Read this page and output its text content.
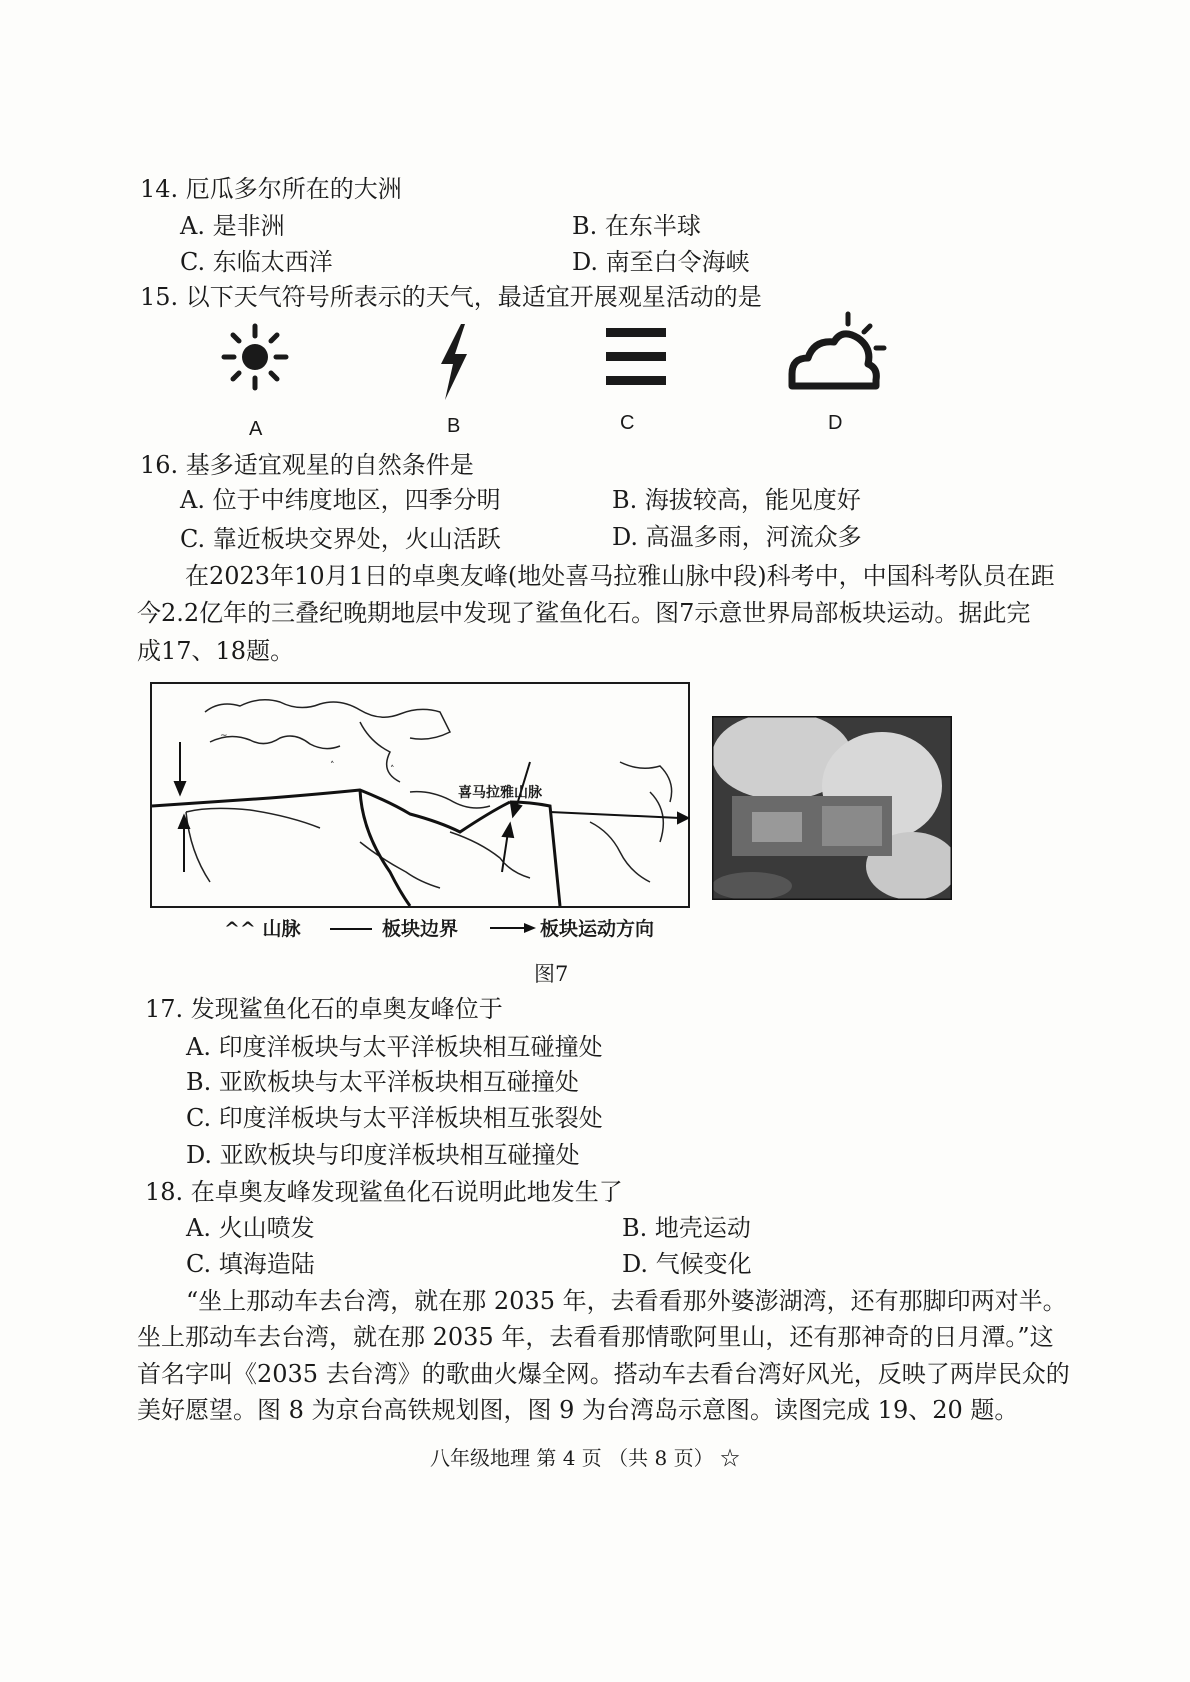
14. 厄瓜多尔所在的大洲
A. 是非洲	B. 在东半球
C. 东临太西洋	D. 南至白令海峡
15. 以下天气符号所表示的天气，最适宜开展观星活动的是
A	B	C	D
16. 基多适宜观星的自然条件是
A. 位于中纬度地区，四季分明	B. 海拔较高，能见度好
C. 靠近板块交界处，火山活跃	D. 高温多雨，河流众多
在2023年10月1日的卓奥友峰(地处喜马拉雅山脉中段)科考中，中国科考队员在距
今2.2亿年的三叠纪晚期地层中发现了鲨鱼化石。图7示意世界局部板块运动。据此完
成17、18题。
~
˄	˄
喜马拉雅山脉
^^ 山脉	板块边界	板块运动方向
图7
17. 发现鲨鱼化石的卓奥友峰位于
A. 印度洋板块与太平洋板块相互碰撞处
B. 亚欧板块与太平洋板块相互碰撞处
C. 印度洋板块与太平洋板块相互张裂处
D. 亚欧板块与印度洋板块相互碰撞处
18. 在卓奥友峰发现鲨鱼化石说明此地发生了
A. 火山喷发	B. 地壳运动
C. 填海造陆	D. 气候变化
“坐上那动车去台湾，就在那 2035 年，去看看那外婆澎湖湾，还有那脚印两对半。
坐上那动车去台湾，就在那 2035 年，去看看那情歌阿里山，还有那神奇的日月潭。”这
首名字叫《2035 去台湾》的歌曲火爆全网。搭动车去看台湾好风光，反映了两岸民众的
美好愿望。图 8 为京台高铁规划图，图 9 为台湾岛示意图。读图完成 19、20 题。
八年级地理 第 4 页 （共 8 页） ☆
